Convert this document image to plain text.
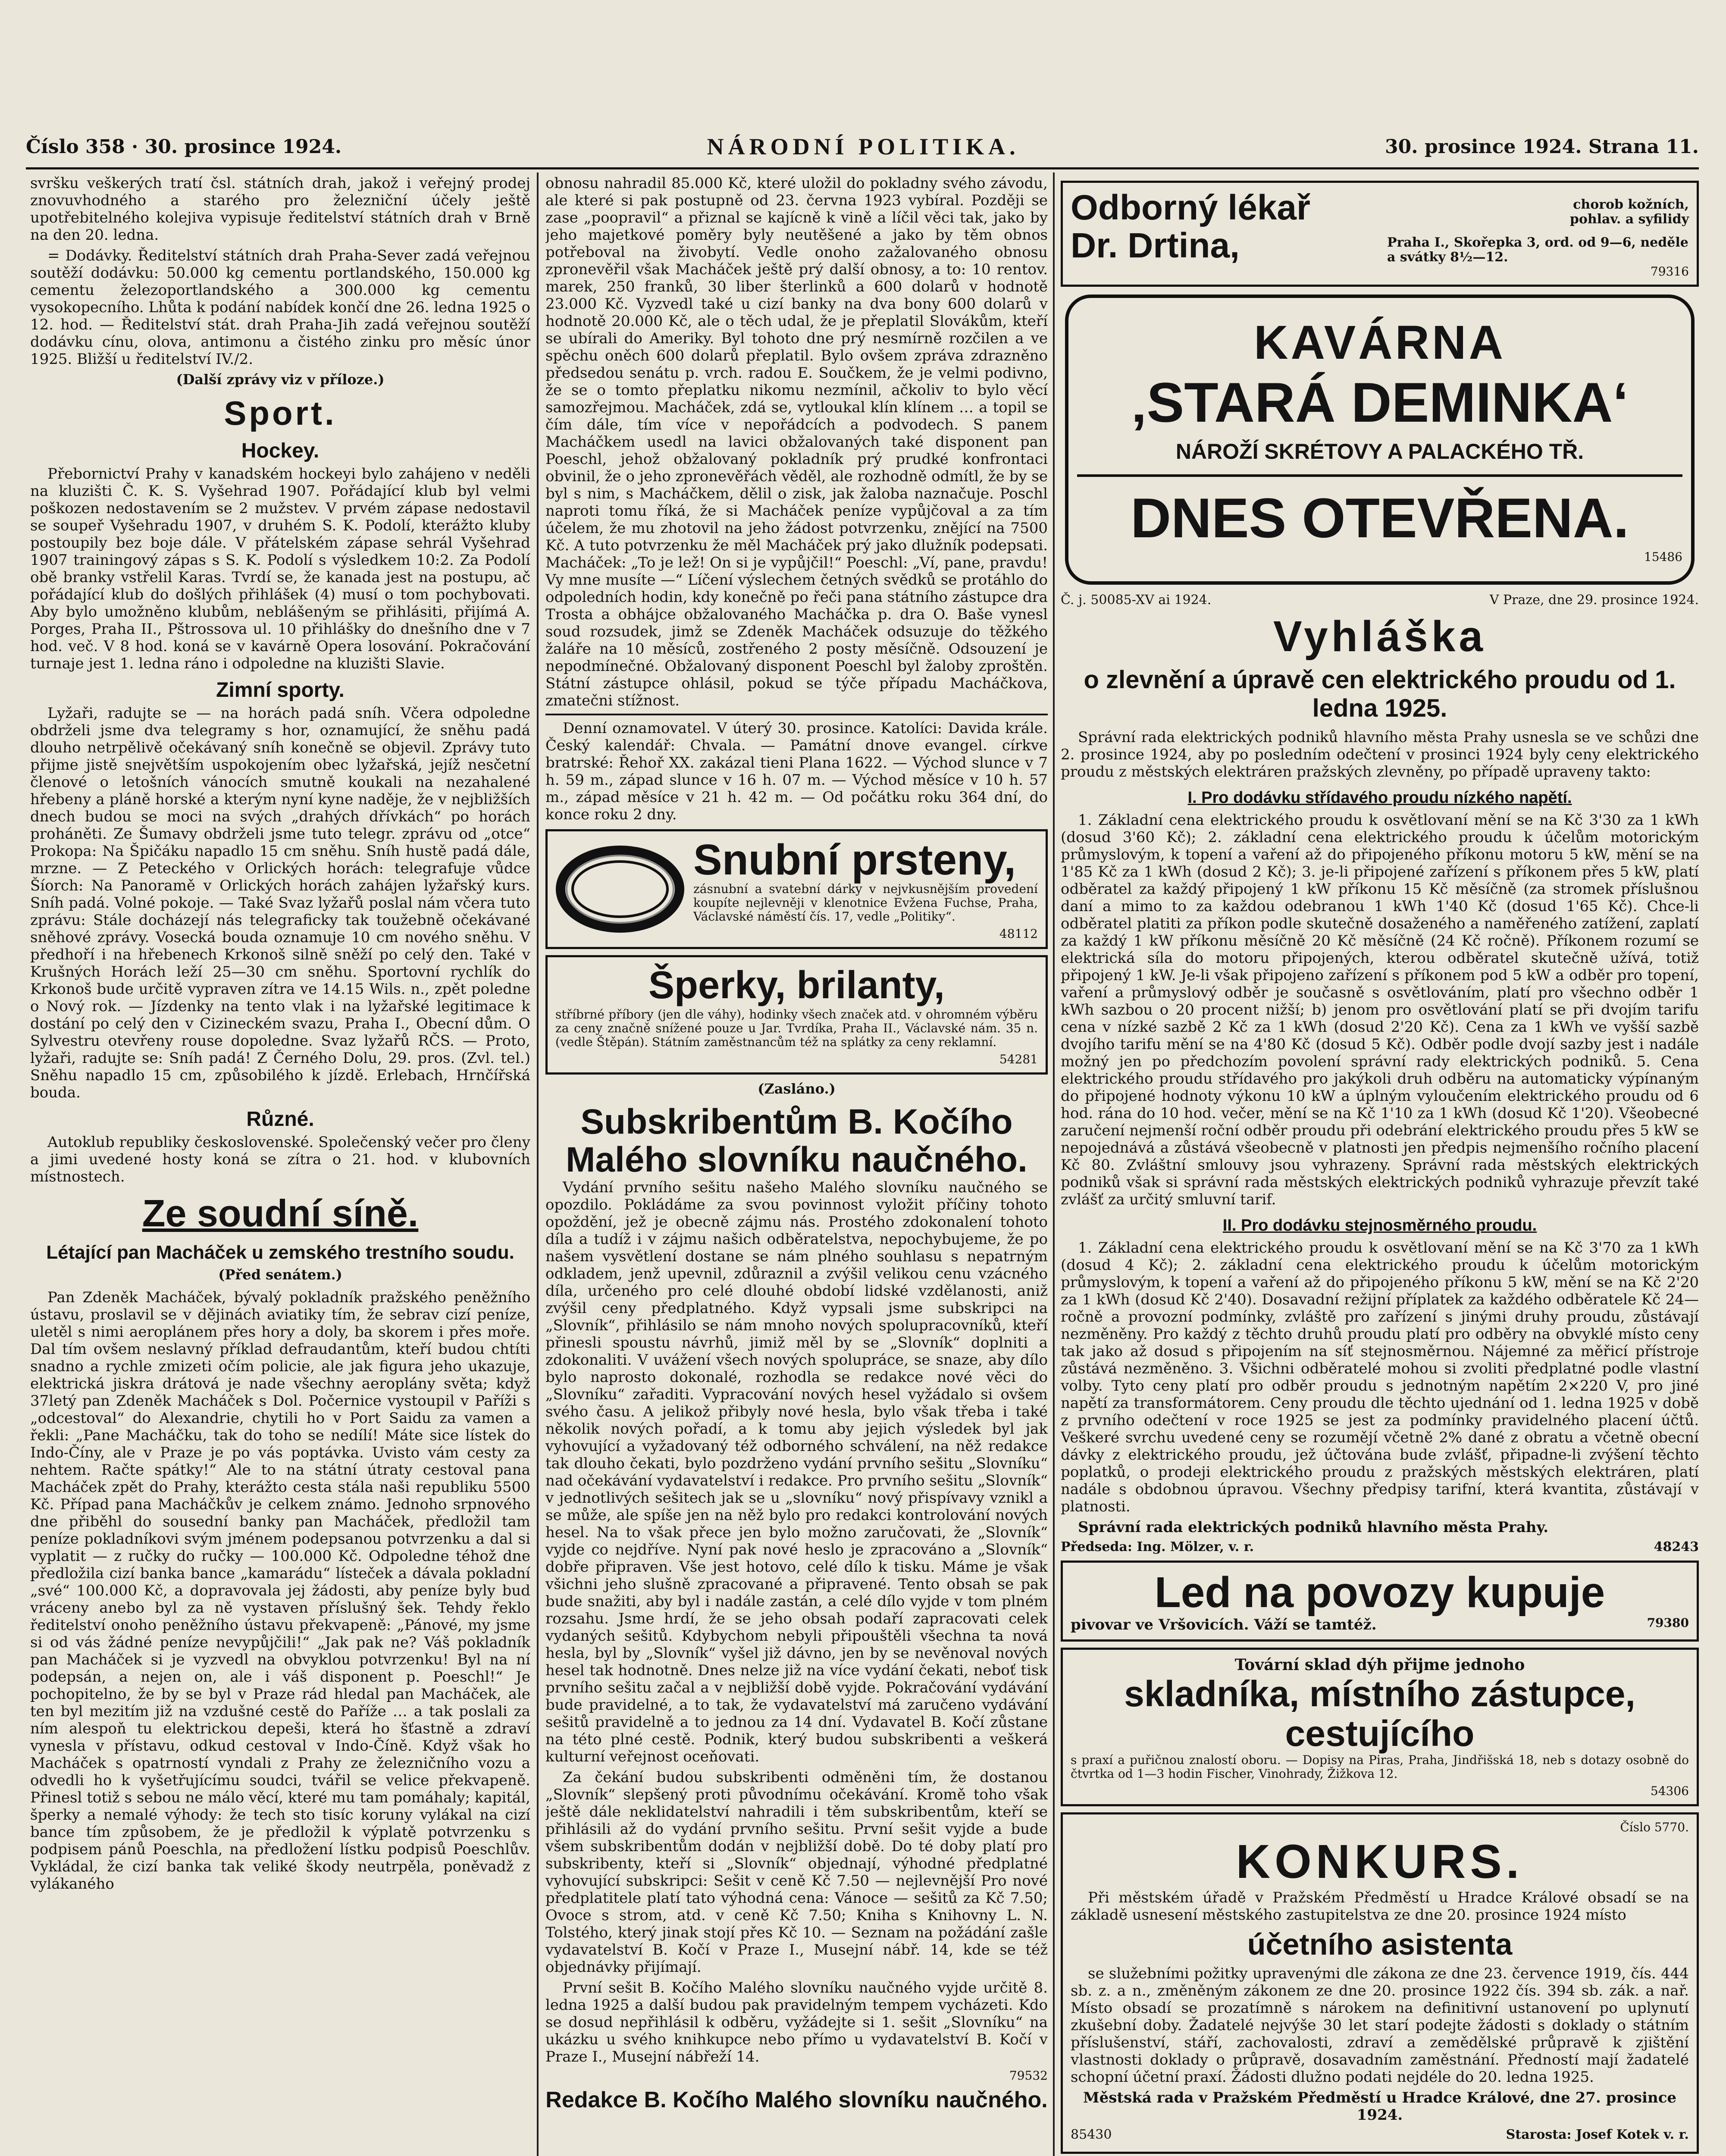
Číslo 358 · 30. prosince 1924.	NÁRODNÍ POLITIKA.	30. prosince 1924. Strana 11.

svršku veškerých tratí čsl. státních drah, jakož i veřejný prodej znovuvhodného a starého pro železniční účely ještě upotřebitelného kolejiva vypisuje ředitelství státních drah v Brně na den 20. ledna.

= Dodávky. Ředitelství státních drah Praha-Sever zadá veřejnou soutěží dodávku: 50.000 kg cementu portlandského, 150.000 kg cementu železoportlandského a 300.000 kg cementu vysokopecního. Lhůta k podání nabídek končí dne 26. ledna 1925 o 12. hod. — Ředitelství stát. drah Praha-Jih zadá veřejnou soutěží dodávku cínu, olova, antimonu a čistého zinku pro měsíc únor 1925. Bližší u ředitelství IV./2.

(Další zprávy viz v příloze.)
Sport.
Hockey.

Přebornictví Prahy v kanadském hockeyi bylo zahájeno v neděli na kluzišti Č. K. S. Vyšehrad 1907. Pořádající klub byl velmi poškozen nedostavením se 2 mužstev. V prvém zápase nedostavil se soupeř Vyšehradu 1907, v druhém S. K. Podolí, kterážto kluby postoupily bez boje dále. V přátelském zápase sehrál Vyšehrad 1907 trainingový zápas s S. K. Podolí s výsledkem 10:2. Za Podolí obě branky vstřelil Karas. Tvrdí se, že kanada jest na postupu, ač pořádající klub do došlých přihlášek (4) musí o tom pochybovati. Aby bylo umožněno klubům, neblášeným se přihlásiti, přijímá A. Porges, Praha II., Pštrossova ul. 10 přihlášky do dnešního dne v 7 hod. več. V 8 hod. koná se v kavárně Opera losování. Pokračování turnaje jest 1. ledna ráno i odpoledne na kluzišti Slavie.

Zimní sporty.

Lyžaři, radujte se — na horách padá sníh. Včera odpoledne obdrželi jsme dva telegramy s hor, oznamující, že sněhu padá dlouho netrpělivě očekávaný sníh konečně se objevil. Zprávy tuto přijme jistě snejvětším uspokojením obec lyžařská, jejíž nesčetní členové o letošních vánocích smutně koukali na nezahalené hřebeny a pláně horské a kterým nyní kyne naděje, že v nejbližších dnech budou se moci na svých „drahých dřívkách“ po horách proháněti. Ze Šumavy obdrželi jsme tuto telegr. zprávu od „otce“ Prokopa: Na Špičáku napadlo 15 cm sněhu. Sníh hustě padá dále, mrzne. — Z Peteckého v Orlických horách: telegrafuje vůdce Šíorch: Na Panoramě v Orlických horách zahájen lyžařský kurs. Sníh padá. Volné pokoje. — Také Svaz lyžařů poslal nám včera tuto zprávu: Stále docházejí nás telegraficky tak toužebně očekávané sněhové zprávy. Vosecká bouda oznamuje 10 cm nového sněhu. V předhoří i na hřebenech Krkonoš silně sněží po celý den. Také v Krušných Horách leží 25—30 cm sněhu. Sportovní rychlík do Krkonoš bude určitě vypraven zítra ve 14.15 Wils. n., zpět poledne o Nový rok. — Jízdenky na tento vlak i na lyžařské legitimace k dostání po celý den v Cizineckém svazu, Praha I., Obecní dům. O Sylvestru otevřeny rouse dopoledne. Svaz lyžařů RČS. — Proto, lyžaři, radujte se: Sníh padá! Z Černého Dolu, 29. pros. (Zvl. tel.) Sněhu napadlo 15 cm, způsobilého k jízdě. Erlebach, Hrnčířská bouda.

Různé.

Autoklub republiky československé. Společenský večer pro členy a jimi uvedené hosty koná se zítra o 21. hod. v klubovních místnostech.

Ze soudní síně.
Létající pan Macháček u zemského trestního soudu.
(Před senátem.)

Pan Zdeněk Macháček, bývalý pokladník pražského peněžního ústavu, proslavil se v dějinách aviatiky tím, že sebrav cizí peníze, uletěl s nimi aeroplánem přes hory a doly, ba skorem i přes moře. Dal tím ovšem neslavný příklad defraudantům, kteří budou chtíti snadno a rychle zmizeti očím policie, ale jak figura jeho ukazuje, elektrická jiskra drátová je nade všechny aeroplány světa; když 37letý pan Zdeněk Macháček s Dol. Počernice vystoupil v Paříži s „odcestoval“ do Alexandrie, chytili ho v Port Saidu za vamen a řekli: „Pane Macháčku, tak do toho se nedílí! Máte sice lístek do Indo-Číny, ale v Praze je po vás poptávka. Uvisto vám cesty za nehtem. Račte spátky!“ Ale to na státní útraty cestoval pana Macháček zpět do Prahy, kterážto cesta stála naši republiku 5500 Kč. Případ pana Macháčkův je celkem známo. Jednoho srpnového dne přiběhl do sousední banky pan Macháček, předložil tam peníze pokladníkovi svým jménem podepsanou potvrzenku a dal si vyplatit — z ručky do ručky — 100.000 Kč. Odpoledne téhož dne předložila cizí banka bance „kamarádu“ lísteček a dávala pokladní „své“ 100.000 Kč, a dopravovala jej žádosti, aby peníze byly bud vráceny anebo byl za ně vystaven příslušný šek. Tehdy řeklo ředitelství onoho peněžního ústavu překvapeně: „Pánové, my jsme si od vás žádné peníze nevypůjčili!“ „Jak pak ne? Váš pokladník pan Macháček si je vyzvedl na obvyklou potvrzenku! Byl na ní podepsán, a nejen on, ale i váš disponent p. Poeschl!“ Je pochopitelno, že by se byl v Praze rád hledal pan Macháček, ale ten byl mezitím již na vzdušné cestě do Paříže … a tak poslali za ním alespoň tu elektrickou depeši, která ho šťastně a zdraví vynesla v přístavu, odkud cestoval v Indo-Číně. Když však ho Macháček s opatrností vyndali z Prahy ze železničního vozu a odvedli ho k vyšetřujícímu soudci, tvářil se velice překvapeně. Přinesl totiž s sebou ne málo věcí, které mu tam pomáhaly; kapitál, šperky a nemalé výhody: že tech sto tisíc koruny vylákal na cizí bance tím způsobem, že je předložil k výplatě potvrzenku s podpisem pánů Poeschla, na předložení lístku podpisů Poeschlův. Vykládal, že cizí banka tak veliké škody neutrpěla, poněvadž z vylákaného

obnosu nahradil 85.000 Kč, které uložil do pokladny svého závodu, ale které si pak postupně od 23. června 1923 vybíral. Později se zase „poopravil“ a přiznal se kajícně k vině a líčil věci tak, jako by jeho majetkové poměry byly neutěšené a jako by těm obnos potřeboval na živobytí. Vedle onoho zažalovaného obnosu zpronevěřil však Macháček ještě prý další obnosy, a to: 10 rentov. marek, 250 franků, 30 liber šterlinků a 600 dolarů v hodnotě 23.000 Kč. Vyzvedl také u cizí banky na dva bony 600 dolarů v hodnotě 20.000 Kč, ale o těch udal, že je přeplatil Slovákům, kteří se ubírali do Ameriky. Byl tohoto dne prý nesmírně rozčilen a ve spěchu oněch 600 dolarů přeplatil. Bylo ovšem zpráva zdrazněno předsedou senátu p. vrch. radou E. Součkem, že je velmi podivno, že se o tomto přeplatku nikomu nezmínil, ačkoliv to bylo věcí samozřejmou. Macháček, zdá se, vytloukal klín klínem … a topil se čím dále, tím více v nepořádcích a podvodech. S panem Macháčkem usedl na lavici obžalovaných také disponent pan Poeschl, jehož obžalovaný pokladník prý prudké konfrontaci obvinil, že o jeho zpronevěřách věděl, ale rozhodně odmítl, že by se byl s nim, s Macháčkem, dělil o zisk, jak žaloba naznačuje. Poschl naproti tomu říká, že si Macháček peníze vypůjčoval a za tím účelem, že mu zhotovil na jeho žádost potvrzenku, znějící na 7500 Kč. A tuto potvrzenku že měl Macháček prý jako dlužník podepsati. Macháček: „To je lež! On si je vypůjčil!“ Poeschl: „Ví, pane, pravdu! Vy mne musíte —“ Líčení výslechem četných svědků se protáhlo do odpoledních hodin, kdy konečně po řeči pana státního zástupce dra Trosta a obhájce obžalovaného Macháčka p. dra O. Baše vynesl soud rozsudek, jimž se Zdeněk Macháček odsuzuje do těžkého žaláře na 10 měsíců, zostřeného 2 posty měsíčně. Odsouzení je nepodmínečné. Obžalovaný disponent Poeschl byl žaloby zproštěn. Státní zástupce ohlásil, pokud se týče případu Macháčkova, zmatečni stížnost.

Denní oznamovatel. V úterý 30. prosince. Katolíci: Davida krále. Český kalendář: Chvala. — Památní dnove evangel. církve bratrské: Řehoř XX. zakázal tieni Plana 1622. — Východ slunce v 7 h. 59 m., západ slunce v 16 h. 07 m. — Východ měsíce v 10 h. 57 m., západ měsíce v 21 h. 42 m. — Od počátku roku 364 dní, do konce roku 2 dny.

Snubní prsteny,

zásnubní a svatební dárky v nejvkusnějším provedení koupíte nejlevněji v klenotnice Evžena Fuchse, Praha, Václavské náměstí čís. 17, vedle „Politiky“.

48112
Šperky, brilanty,

stříbrné příbory (jen dle váhy), hodinky všech značek atd. v ohromném výběru za ceny značně snížené pouze u Jar. Tvrdíka, Praha II., Václavské nám. 35 n. (vedle Štěpán). Státním zaměstnancům též na splátky za ceny reklamní.

54281
(Zasláno.)
Subskribentům B. Kočího Malého slovníku naučného.

Vydání prvního sešitu našeho Malého slovníku naučného se opozdilo. Pokládáme za svou povinnost vyložit příčiny tohoto opoždění, jež je obecně zájmu nás. Prostého zdokonalení tohoto díla a tudíž i v zájmu našich odběratelstva, nepochybujeme, že po našem vysvětlení dostane se nám plného souhlasu s nepatrným odkladem, jenž upevnil, zdůraznil a zvýšil velikou cenu vzácného díla, určeného pro celé dlouhé období lidské vzdělanosti, aniž zvýšil ceny předplatného. Když vypsali jsme subskripci na „Slovník“, přihlásilo se nám mnoho nových spolupracovníků, kteří přinesli spoustu návrhů, jimiž měl by se „Slovník“ doplniti a zdokonaliti. V uvážení všech nových spolupráce, se snaze, aby dílo bylo naprosto dokonalé, rozhodla se redakce nové věci do „Slovníku“ zařaditi. Vypracování nových hesel vyžádalo si ovšem svého času. A jelikož přibyly nové hesla, bylo však třeba i také několik nových pořadí, a k tomu aby jejich výsledek byl jak vyhovující a vyžadovaný též odborného schválení, na něž redakce tak dlouho čekati, bylo pozdrženo vydání prvního sešitu „Slovníku“ nad očekávání vydavatelství i redakce. Pro prvního sešitu „Slovník“ v jednotlivých sešitech jak se u „slovníku“ nový přispívavy vznikl a se může, ale spíše jen na něž bylo pro redakci kontrolování nových hesel. Na to však přece jen bylo možno zaručovati, že „Slovník“ vyjde co nejdříve. Nyní pak nové heslo je zpracováno a „Slovník“ dobře připraven. Vše jest hotovo, celé dílo k tisku. Máme je však všichni jeho slušně zpracované a připravené. Tento obsah se pak bude snažiti, aby byl i nadále zastán, a celé dílo vyjde v tom plném rozsahu. Jsme hrdí, že se jeho obsah podaří zapracovati celek vydaných sešitů. Kdybychom nebyli připouštěli všechna ta nová hesla, byl by „Slovník“ vyšel již dávno, jen by se nevěnoval nových hesel tak hodnotně. Dnes nelze již na více vydání čekati, neboť tisk prvního sešitu začal a v nejbližší době vyjde. Pokračování vydávání bude pravidelné, a to tak, že vydavatelství má zaručeno vydávání sešitů pravidelně a to jednou za 14 dní. Vydavatel B. Kočí zůstane na této plné cestě. Podnik, který budou subskribenti a veškerá kulturní veřejnost oceňovati.

Za čekání budou subskribenti odměněni tím, že dostanou „Slovník“ slepšený proti původnímu očekávání. Kromě toho však ještě dále neklidatelství nahradili i těm subskribentům, kteří se přihlásili až do vydání prvního sešitu. První sešit vyjde a bude všem subskribentům dodán v nejbližší době. Do té doby platí pro subskribenty, kteří si „Slovník“ objednají, výhodné předplatné vyhovující subskripci: Sešit v ceně Kč 7.50 — nejlevnější Pro nové předplatitele platí tato výhodná cena: Vánoce — sešitů za Kč 7.50; Ovoce s strom, atd. v ceně Kč 7.50; Kniha s Knihovny L. N. Tolstého, který jinak stojí přes Kč 10. — Seznam na požádání zašle vydavatelství B. Kočí v Praze I., Musejní nábř. 14, kde se též objednávky přijímají.

První sešit B. Kočího Malého slovníku naučného vyjde určitě 8. ledna 1925 a další budou pak pravidelným tempem vycházeti. Kdo se dosud nepřihlásil k odběru, vyžádejte si 1. sešit „Slovníku“ na ukázku u svého knihkupce nebo přímo u vydavatelství B. Kočí v Praze I., Musejní nábřeží 14.

79532
Redakce B. Kočího Malého slovníku naučného.
Odborný lékař	chorob kožních,
pohlav. a syfilidy
Dr. Drtina,	Praha I., Skořepka 3, ord. od 9—6, neděle a svátky 8½—12.
79316
KAVÁRNA
‚STARÁ DEMINKA‘
NÁROŽÍ SKRÉTOVY A PALACKÉHO TŘ.
DNES OTEVŘENA.
15486
Č. j. 50085-XV ai 1924.	V Praze, dne 29. prosince 1924.
Vyhláška
o zlevnění a úpravě cen elektrického proudu od 1. ledna 1925.

Správní rada elektrických podniků hlavního města Prahy usnesla se ve schůzi dne 2. prosince 1924, aby po posledním odečtení v prosinci 1924 byly ceny elektrického proudu z městských elektráren pražských zlevněny, po případě upraveny takto:

I. Pro dodávku střídavého proudu nízkého napětí.

1. Základní cena elektrického proudu k osvětlovaní mění se na Kč 3'30 za 1 kWh (dosud 3'60 Kč); 2. základní cena elektrického proudu k účelům motorickým průmyslovým, k topení a vaření až do připojeného příkonu motoru 5 kW, mění se na 1'85 Kč za 1 kWh (dosud 2 Kč); 3. je-li připojené zařízení s příkonem přes 5 kW, platí odběratel za každý připojený 1 kW příkonu 15 Kč měsíčně (za stromek příslušnou daní a mimo to za každou odebranou 1 kWh 1'40 Kč (dosud 1'65 Kč). Chce-li odběratel platiti za příkon podle skutečně dosaženého a naměřeného zatížení, zaplatí za každý 1 kW příkonu měsíčně 20 Kč měsíčně (24 Kč ročně). Příkonem rozumí se elektrická síla do motoru připojených, kterou odběratel skutečně užívá, totiž připojený 1 kW. Je-li však připojeno zařízení s příkonem pod 5 kW a odběr pro topení, vaření a průmyslový odběr je současně s osvětlováním, platí pro všechno odběr 1 kWh sazbou o 20 procent nižší; b) jenom pro osvětlování platí se při dvojím tarifu cena v nízké sazbě 2 Kč za 1 kWh (dosud 2'20 Kč). Cena za 1 kWh ve vyšší sazbě dvojího tarifu mění se na 4'80 Kč (dosud 5 Kč). Odběr podle dvojí sazby jest i nadále možný jen po předchozím povolení správní rady elektrických podniků. 5. Cena elektrického proudu střídavého pro jakýkoli druh odběru na automaticky výpínaným do připojené hodnoty výkonu 10 kW a úplným vyloučením elektrického proudu od 6 hod. rána do 10 hod. večer, mění se na Kč 1'10 za 1 kWh (dosud Kč 1'20). Všeobecné zaručení nejmenší roční odběr proudu při odebrání elektrického proudu přes 5 kW se nepojednává a zůstává všeobecně v platnosti jen předpis nejmenšího ročního placení Kč 80. Zvláštní smlouvy jsou vyhrazeny. Správní rada městských elektrických podniků však si správní rada městských elektrických podniků vyhrazuje převzít také zvlášť za určitý smluvní tarif.

II. Pro dodávku stejnosměrného proudu.

1. Základní cena elektrického proudu k osvětlovaní mění se na Kč 3'70 za 1 kWh (dosud 4 Kč); 2. základní cena elektrického proudu k účelům motorickým průmyslovým, k topení a vaření až do připojeného příkonu 5 kW, mění se na Kč 2'20 za 1 kWh (dosud Kč 2'40). Dosavadní režijní příplatek za každého odběratele Kč 24— ročně a provozní podmínky, zvláště pro zařízení s jinými druhy proudu, zůstávají nezměněny. Pro každý z těchto druhů proudu platí pro odběry na obvyklé místo ceny tak jako až dosud s připojením na síť stejnosměrnou. Nájemné za měřicí přístroje zůstává nezměněno. 3. Všichni odběratelé mohou si zvoliti předplatné podle vlastní volby. Tyto ceny platí pro odběr proudu s jednotným napětím 2×220 V, pro jiné napětí za transformátorem. Ceny proudu dle těchto ujednání od 1. ledna 1925 v době z prvního odečtení v roce 1925 se jest za podmínky pravidelného placení účtů. Veškeré svrchu uvedené ceny se rozumějí včetně 2% dané z obratu a včetně obecní dávky z elektrického proudu, jež účtována bude zvlášť, připadne-li zvýšení těchto poplatků, o prodeji elektrického proudu z pražských městských elektráren, platí nadále s obdobnou úpravou. Všechny předpisy tarifní, která kvantita, zůstávají v platnosti.

Správní rada elektrických podniků hlavního města Prahy.

Předseda: Ing. Mölzer, v. r.	48243
Led na povozy kupuje
pivovar ve Vršovicích. Váží se tamtéž.	79380
Tovární sklad dýh přijme jednoho
skladníka, místního zástupce, cestujícího

s praxí a puřičnou znalostí oboru. — Dopisy na Piras, Praha, Jindřišská 18, neb s dotazy osobně do čtvrtka od 1—3 hodin Fischer, Vinohrady, Žižkova 12.

54306
Číslo 5770.
KONKURS.

Při městském úřadě v Pražském Předměstí u Hradce Králové obsadí se na základě usnesení městského zastupitelstva ze dne 20. prosince 1924 místo

účetního asistenta

se služebními požitky upravenými dle zákona ze dne 23. července 1919, čís. 444 sb. z. a n., změněným zákonem ze dne 20. prosince 1922 čís. 394 sb. zák. a nař. Místo obsadí se prozatímně s nárokem na definitivní ustanovení po uplynutí zkušební doby. Žadatelé nejvýše 30 let starí podejte žádosti s doklady o státním příslušenství, stáří, zachovalosti, zdraví a zemědělské průpravě k zjištění vlastnosti doklady o průpravě, dosavadním zaměstnání. Předností mají žadatelé schopní účetní praxí. Žádosti dlužno podati nejdéle do 20. ledna 1925.

Městská rada v Pražském Předměstí u Hradce Králové, dne 27. prosince 1924.

85430	Starosta: Josef Kotek v. r.
